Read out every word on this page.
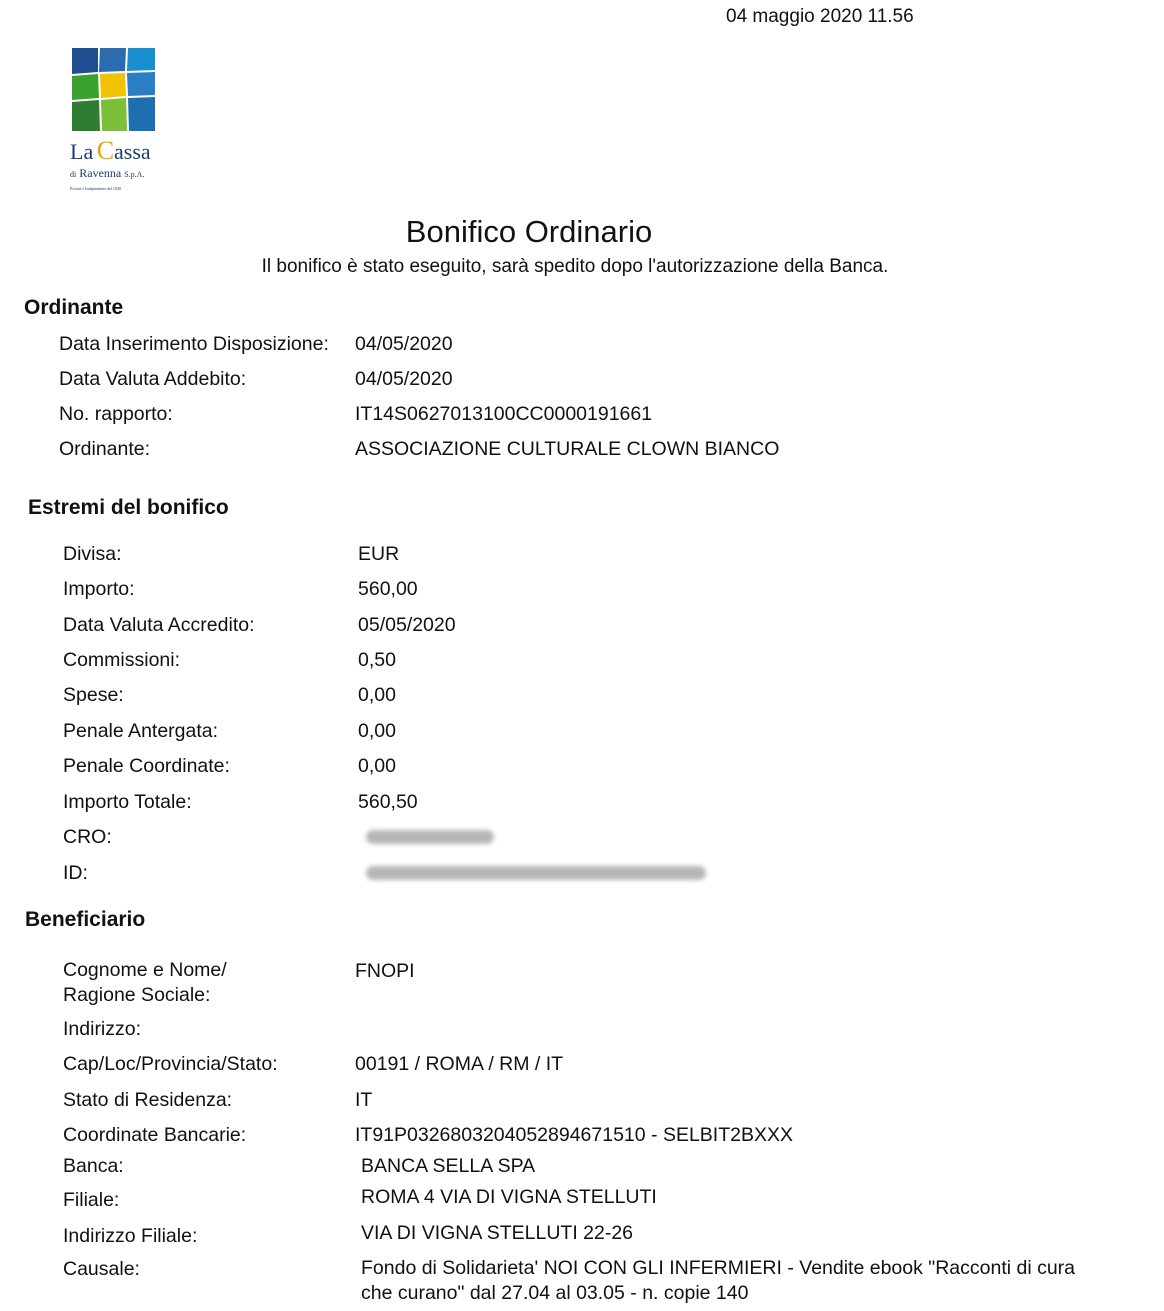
04 maggio 2020 11.56
La Cassa
di Ravenna S.p.A.
Privata e Indipendente dal 1840
Bonifico Ordinario
Il bonifico è stato eseguito, sarà spedito dopo l'autorizzazione della Banca.
Ordinante
Data Inserimento Disposizione: 04/05/2020
Data Valuta Addebito:	04/05/2020
No. rapporto:	IT14S0627013100CC0000191661
Ordinante:	ASSOCIAZIONE CULTURALE CLOWN BIANCO
Estremi del bonifico
Divisa:	EUR
Importo:	560,00
Data Valuta Accredito:	05/05/2020
Commissioni:	0,50
Spese:	0,00
Penale Antergata:	0,00
Penale Coordinate:	0,00
Importo Totale:	560,50
CRO:
ID:
Beneficiario
Cognome e Nome/
Ragione Sociale:
FNOPI
Indirizzo:
Cap/Loc/Provincia/Stato:	00191 / ROMA / RM / IT
Stato di Residenza:	IT
Coordinate Bancarie:	IT91P0326803204052894671510 - SELBIT2BXXX
Banca:	BANCA SELLA SPA
Filiale:	ROMA 4 VIA DI VIGNA STELLUTI
Indirizzo Filiale:	VIA DI VIGNA STELLUTI 22-26
Causale:	Fondo di Solidarieta' NOI CON GLI INFERMIERI - Vendite ebook "Racconti di cura
che curano" dal 27.04 al 03.05 - n. copie 140
